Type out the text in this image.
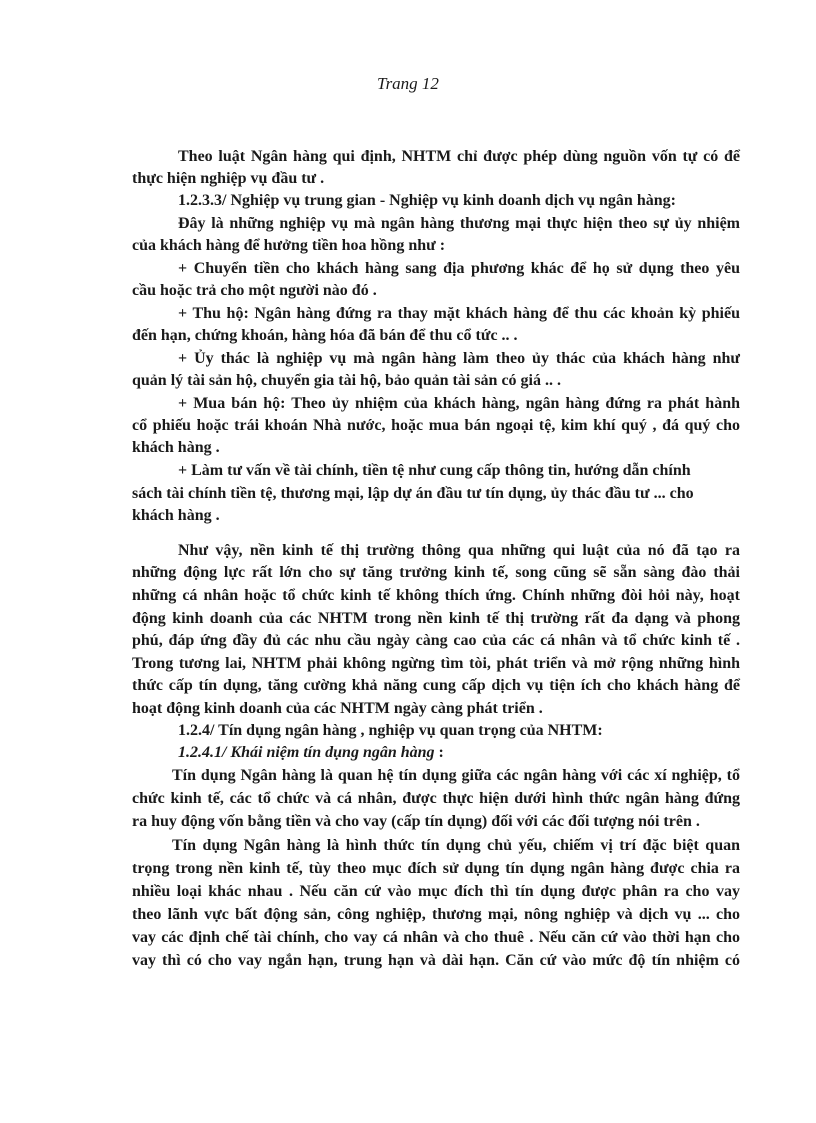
Trang 12
Theo luật Ngân hàng qui định, NHTM chỉ được phép dùng nguồn vốn tự có để
thực hiện nghiệp vụ đầu tư .
1.2.3.3/ Nghiệp vụ trung gian - Nghiệp vụ kinh doanh dịch vụ ngân hàng:
Đây là những nghiệp vụ mà ngân hàng thương mại thực hiện theo sự ủy nhiệm
của khách hàng để hưởng tiền hoa hồng như :
+ Chuyển tiền cho khách hàng sang địa phương khác để họ sử dụng theo yêu
cầu hoặc trả cho một người nào đó .
+ Thu hộ: Ngân hàng đứng ra thay mặt khách hàng để thu các khoản kỳ phiếu
đến hạn, chứng khoán, hàng hóa đã bán để thu cổ tức .. .
+ Ủy thác là nghiệp vụ mà ngân hàng làm theo ủy thác của khách hàng như
quản lý tài sản hộ, chuyển gia tài hộ, bảo quản tài sản có giá .. .
+ Mua bán hộ: Theo ủy nhiệm của khách hàng, ngân hàng đứng ra phát hành
cổ phiếu hoặc trái khoán Nhà nước, hoặc mua bán ngoại tệ, kim khí quý , đá quý cho
khách hàng .
+ Làm tư vấn về tài chính, tiền tệ như cung cấp thông tin, hướng dẫn chính
sách tài chính tiền tệ, thương mại, lập dự án đầu tư tín dụng, ủy thác đầu tư ... cho
khách hàng .
Như vậy, nền kinh tế thị trường thông qua những qui luật của nó đã tạo ra
những động lực rất lớn cho sự tăng trưởng kinh tế, song cũng sẽ sẵn sàng đào thải
những cá nhân hoặc tổ chức kinh tế không thích ứng. Chính những đòi hỏi này, hoạt
động kinh doanh của các NHTM trong nền kinh tế thị trường rất đa dạng và phong
phú, đáp ứng đầy đủ các nhu cầu ngày càng cao của các cá nhân và tổ chức kinh tế .
Trong tương lai, NHTM phải không ngừng tìm tòi, phát triển và mở rộng những hình
thức cấp tín dụng, tăng cường khả năng cung cấp dịch vụ tiện ích cho khách hàng để
hoạt động kinh doanh của các NHTM ngày càng phát triển .
1.2.4/ Tín dụng ngân hàng , nghiệp vụ quan trọng của NHTM:
1.2.4.1/ Khái niệm tín dụng ngân hàng :
Tín dụng Ngân hàng là quan hệ tín dụng giữa các ngân hàng với các xí nghiệp, tổ
chức kinh tế, các tổ chức và cá nhân, được thực hiện dưới hình thức ngân hàng đứng
ra huy động vốn bằng tiền và cho vay (cấp tín dụng) đối với các đối tượng nói trên .
Tín dụng Ngân hàng là hình thức tín dụng chủ yếu, chiếm vị trí đặc biệt quan
trọng trong nền kinh tế, tùy theo mục đích sử dụng tín dụng ngân hàng được chia ra
nhiều loại khác nhau . Nếu căn cứ vào mục đích thì tín dụng được phân ra cho vay
theo lãnh vực bất động sản, công nghiệp, thương mại, nông nghiệp và dịch vụ ... cho
vay các định chế tài chính, cho vay cá nhân và cho thuê . Nếu căn cứ vào thời hạn cho
vay thì có cho vay ngắn hạn, trung hạn và dài hạn. Căn cứ vào mức độ tín nhiệm có
